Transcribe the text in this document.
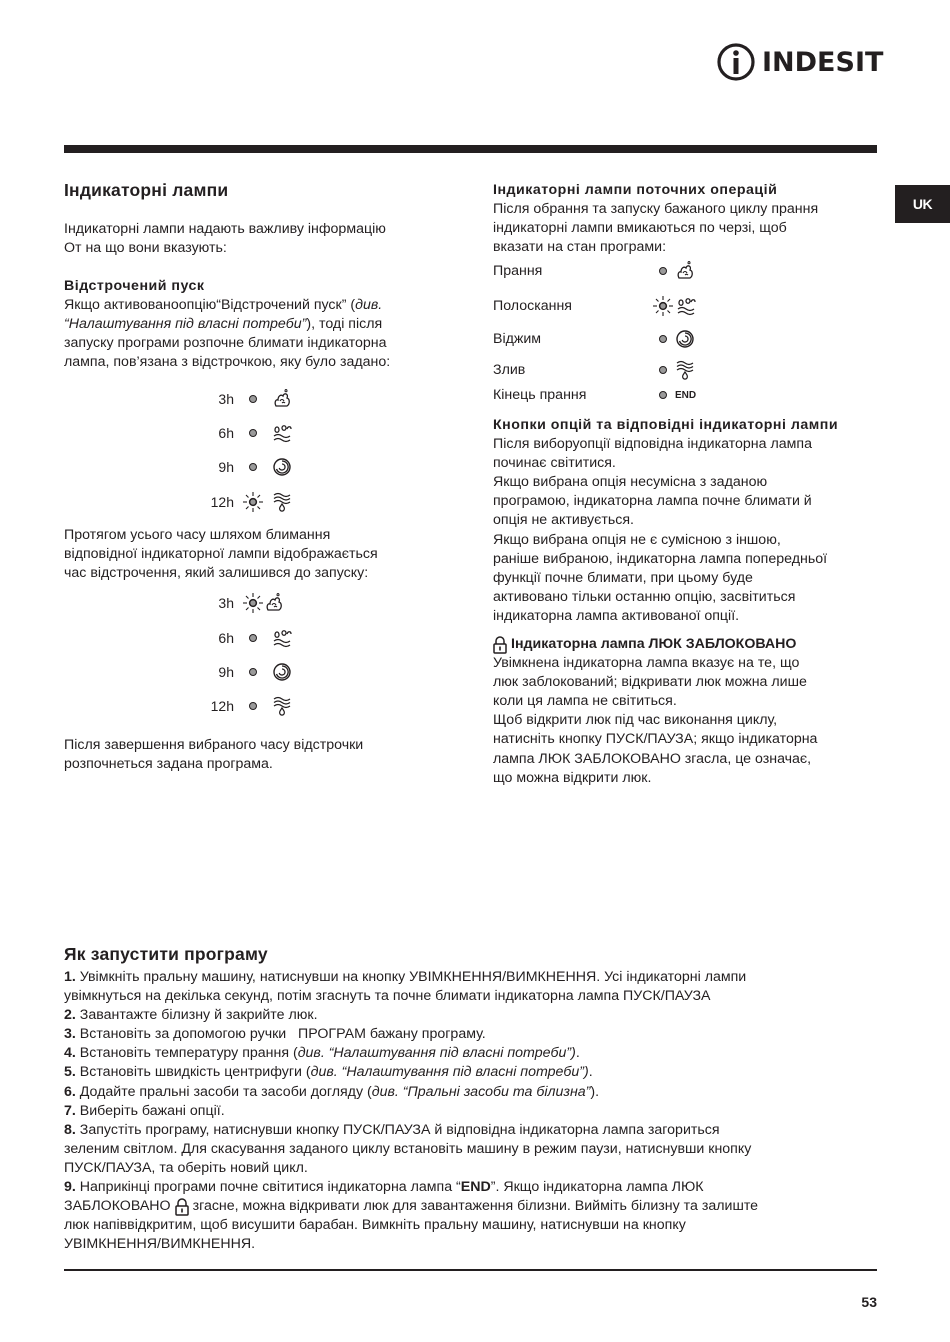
INDESIT
UK
Індикаторні лампи
Індикаторні лампи надають важливу інформацію
От на що вони вказують:
Відстрочений пуск
Якщо активованоопцію“Відстрочений пуск” (див.
“Налаштування під власні потреби”), тоді після
запуску програми розпочне блимати індикаторна
лампа, пов’язана з відстрочкою, яку було задано:
3h
6h
9h
12h
Протягом усього часу шляхом блимання
відповідної індикаторної лампи відображається
час відстрочення, який залишився до запуску:
3h
6h
9h
12h
Після завершення вибраного часу відстрочки
розпочнеться задана програма.
Індикаторні лампи поточних операцій
Після обрання та запуску бажаного циклу прання
індикаторні лампи вмикаються по черзі, щоб
вказати на стан програми:
Прання
Полоскання
Віджим
Злив
Кінець прання	END
Кнопки опцій та відповідні індикаторні лампи
Після виборуопції відповідна індикаторна лампа
починає світитися.
Якщо вибрана опція несумісна з заданою
програмою, індикаторна лампа почне блимати й
опція не активується.
Якщо вибрана опція не є сумісною з іншою,
раніше вибраною, індикаторна лампа попередньої
функції почне блимати, при цьому буде
активовано тільки останню опцію, засвітиться
індикаторна лампа активованої опції.
Індикаторна лампа ЛЮК ЗАБЛОКОВАНО
Увімкнена індикаторна лампа вказує на те, що
люк заблокований; відкривати люк можна лише
коли ця лампа не світиться.
Щоб відкрити люк під час виконання циклу,
натисніть кнопку ПУСК/ПАУЗА; якщо індикаторна
лампа ЛЮК ЗАБЛОКОВАНО згасла, це означає,
що можна відкрити люк.
Як запустити програму
1. Увімкніть пральну машину, натиснувши на кнопку УВІМКНЕННЯ/ВИМКНЕННЯ. Усі індикаторні лампи
увімкнуться на декілька секунд, потім згаснуть та почне блимати індикаторна лампа ПУСК/ПАУЗА
2. Завантажте білизну й закрийте люк.
3. Встановіть за допомогою ручки   ПРОГРАМ бажану програму.
4. Встановіть температуру прання (див. “Налаштування під власні потреби”).
5. Встановіть швидкість центрифуги (див. “Налаштування під власні потреби”).
6. Додайте пральні засоби та засоби догляду (див. “Пральні засоби та білизна”).
7. Виберіть бажані опції.
8. Запустіть програму, натиснувши кнопку ПУСК/ПАУЗА й відповідна індикаторна лампа загориться
зеленим світлом. Для скасування заданого циклу встановіть машину в режим паузи, натиснувши кнопку
ПУСК/ПАУЗА, та оберіть новий цикл.
9. Наприкінці програми почне світитися індикаторна лампа “END”. Якщо індикаторна лампа ЛЮК
ЗАБЛОКОВАНО згасне, можна відкривати люк для завантаження білизни. Вийміть білизну та залиште
люк напіввідкритим, щоб висушити барабан. Вимкніть пральну машину, натиснувши на кнопку
УВІМКНЕННЯ/ВИМКНЕННЯ.
53
